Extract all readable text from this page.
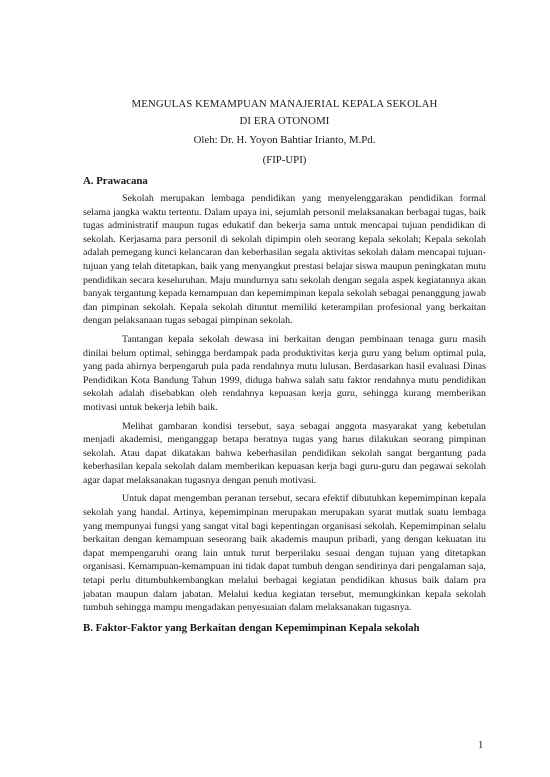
MENGULAS KEMAMPUAN MANAJERIAL KEPALA SEKOLAH
DI ERA OTONOMI
Oleh: Dr. H. Yoyon Bahtiar Irianto, M.Pd.
(FIP-UPI)
A. Prawacana

Sekolah merupakan lembaga pendidikan yang menyelenggarakan pendidikan formal selama jangka waktu tertentu. Dalam upaya ini, sejumlah personil melaksanakan berbagai tugas, baik tugas administratif maupun tugas edukatif dan bekerja sama untuk mencapai tujuan pendidikan di sekolah. Kerjasama para personil di sekolah dipimpin oleh seorang kepala sekolah; Kepala sekolah adalah pemegang kunci kelancaran dan keberhasilan segala aktivitas sekolah dalam mencapai tujuan-tujuan yang telah ditetapkan, baik yang menyangkut prestasi belajar siswa maupun peningkatan mutu pendidikan secara keseluruhan. Maju mundurnya satu sekolah dengan segala aspek kegiatannya akan banyak tergantung kepada kemampuan dan kepemimpinan kepala sekolah sebagai penanggung jawab dan pimpinan sekolah. Kepala sekolah dituntut memiliki keterampilan profesional yang berkaitan dengan pelaksanaan tugas sebagai pimpinan sekolah.

Tantangan kepala sekolah dewasa ini berkaitan dengan pembinaan tenaga guru masih dinilai belum optimal, sehingga berdampak pada produktivitas kerja guru yang belum optimal pula, yang pada ahirnya berpengaruh pula pada rendahnya mutu lulusan. Berdasarkan hasil evaluasi Dinas Pendidikan Kota Bandung Tahun 1999, diduga bahwa salah satu faktor rendahnya mutu pendidikan sekolah adalah disebabkan oleh rendahnya kepuasan kerja guru, sehingga kurang memberikan motivasi untuk bekerja lebih baik.

Melihat gambaran kondisi tersebut, saya sebagai anggota masyarakat yang kebetulan menjadi akademisi, menganggap betapa beratnya tugas yang harus dilakukan seorang pimpinan sekolah. Atau dapat dikatakan bahwa keberhasilan pendidikan sekolah sangat bergantung pada keberhasilan kepala sekolah dalam memberikan kepuasan kerja bagi guru-guru dan pegawai sekolah agar dapat melaksanakan tugasnya dengan penuh motivasi.

Untuk dapat mengemban peranan tersebut, secara efektif dibutuhkan kepemimpinan kepala sekolah yang handal. Artinya, kepemimpinan merupakan merupakan syarat mutlak suatu lembaga yang mempunyai fungsi yang sangat vital bagi kepentingan organisasi sekolah. Kepemimpinan selalu berkaitan dengan kemampuan seseorang baik akademis maupun pribadi, yang dengan kekuatan itu dapat mempengaruhi orang lain untuk turut berperilaku sesuai dengan tujuan yang ditetapkan organisasi. Kemampuan-kemampuan ini tidak dapat tumbuh dengan sendirinya dari pengalaman saja, tetapi perlu ditumbuhkembangkan melalui berbagai kegiatan pendidikan khusus baik dalam pra jabatan maupun dalam jabatan. Melalui kedua kegiatan tersebut, memungkinkan kepala sekolah tumbuh sehingga mampu mengadakan penyesuaian dalam melaksanakan tugasnya.

B. Faktor-Faktor yang Berkaitan dengan Kepemimpinan Kepala sekolah
1
